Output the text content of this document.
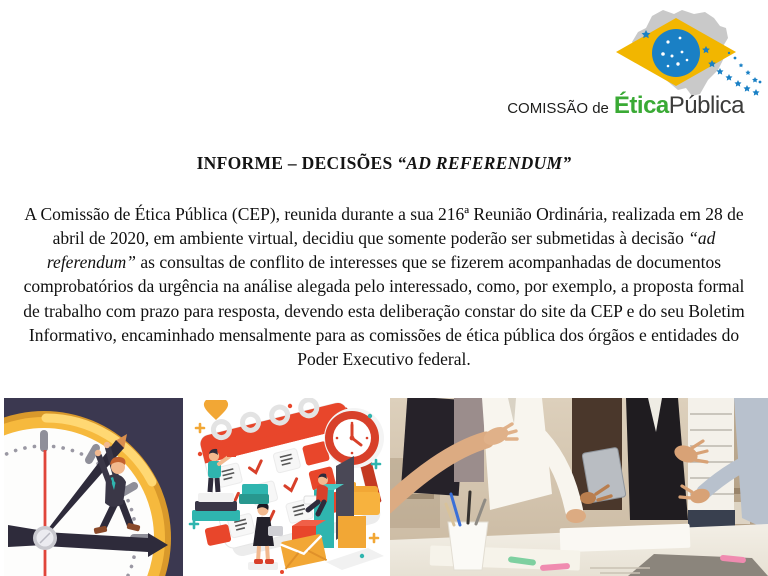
COMISSÃO de Ética Pública
INFORME – DECISÕES “AD REFERENDUM”

A Comissão de Ética Pública (CEP), reunida durante a sua 216ª Reunião Ordinária, realizada em 28 de abril de 2020, em ambiente virtual, decidiu que somente poderão ser submetidas à decisão “ad referendum” as consultas de conflito de interesses que se fizerem acompanhadas de documentos comprobatórios da urgência na análise alegada pelo interessado, como, por exemplo, a proposta formal de trabalho com prazo para resposta, devendo esta deliberação constar do site da CEP e do seu Boletim Informativo, encaminhado mensalmente para as comissões de ética pública dos órgãos e entidades do Poder Executivo federal.
